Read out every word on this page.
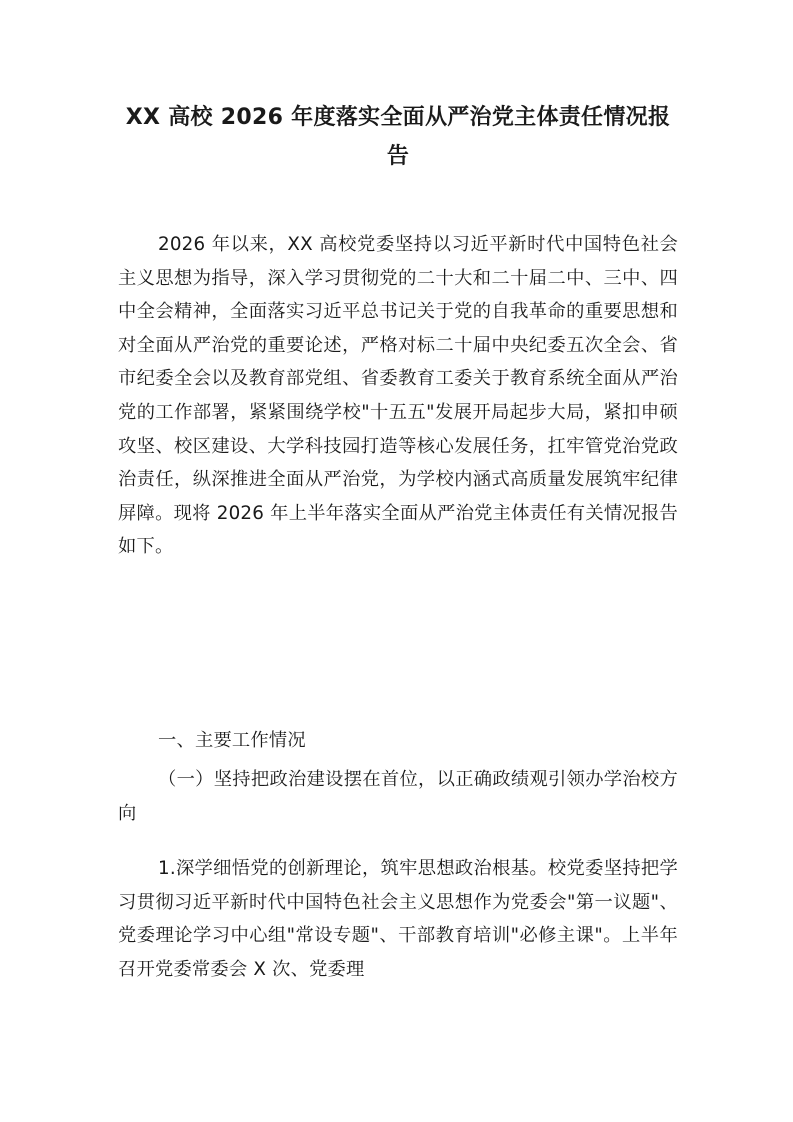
XX 高校 2026 年度落实全面从严治党主体责任情况报告

2026 年以来，XX 高校党委坚持以习近平新时代中国特色社会主义思想为指导，深入学习贯彻党的二十大和二十届二中、三中、四中全会精神，全面落实习近平总书记关于党的自我革命的重要思想和对全面从严治党的重要论述，严格对标二十届中央纪委五次全会、省市纪委全会以及教育部党组、省委教育工委关于教育系统全面从严治党的工作部署，紧紧围绕学校"十五五"发展开局起步大局，紧扣申硕攻坚、校区建设、大学科技园打造等核心发展任务，扛牢管党治党政治责任，纵深推进全面从严治党，为学校内涵式高质量发展筑牢纪律屏障。现将 2026 年上半年落实全面从严治党主体责任有关情况报告如下。

一、主要工作情况

（一）坚持把政治建设摆在首位，以正确政绩观引领办学治校方向

1.深学细悟党的创新理论，筑牢思想政治根基。校党委坚持把学习贯彻习近平新时代中国特色社会主义思想作为党委会"第一议题"、党委理论学习中心组"常设专题"、干部教育培训"必修主课"。上半年召开党委常委会 X 次、党委理
